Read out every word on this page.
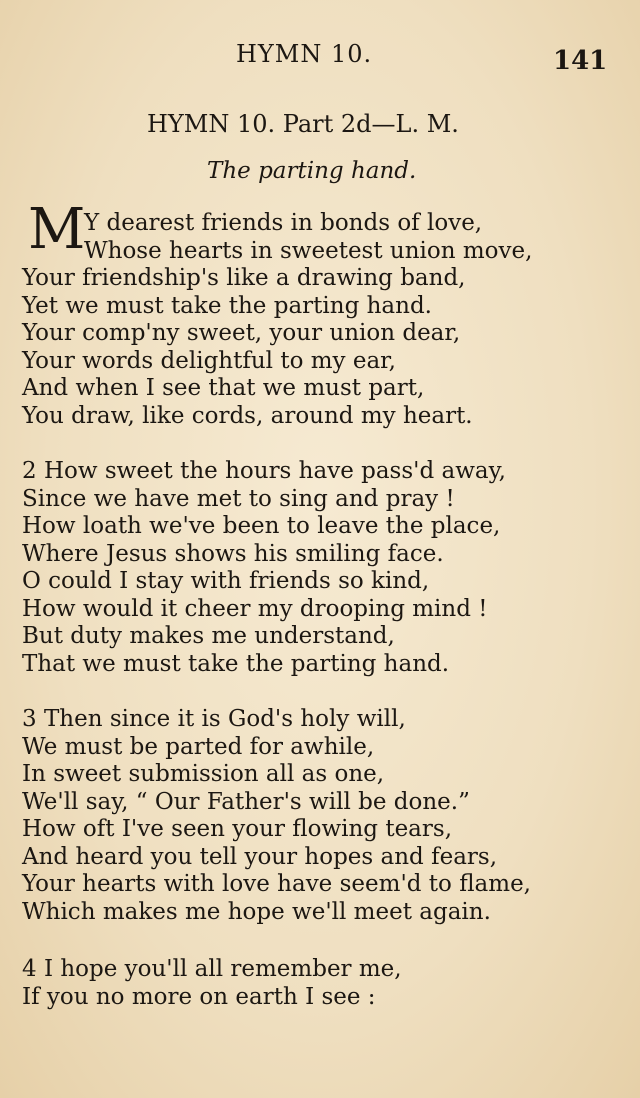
HYMN 10.	141
HYMN 10. Part 2d—L. M.
The parting hand.
M
Y dearest friends in bonds of love,
Whose hearts in sweetest union move,
Your friendship's like a drawing band,
Yet we must take the parting hand.
Your comp'ny sweet, your union dear,
Your words delightful to my ear,
And when I see that we must part,
You draw, like cords, around my heart.
2 How sweet the hours have pass'd away,
Since we have met to sing and pray !
How loath we've been to leave the place,
Where Jesus shows his smiling face.
O could I stay with friends so kind,
How would it cheer my drooping mind !
But duty makes me understand,
That we must take the parting hand.
3 Then since it is God's holy will,
We must be parted for awhile,
In sweet submission all as one,
We'll say, “ Our Father's will be done.”
How oft I've seen your flowing tears,
And heard you tell your hopes and fears,
Your hearts with love have seem'd to flame,
Which makes me hope we'll meet again.
4 I hope you'll all remember me,
If you no more on earth I see :
